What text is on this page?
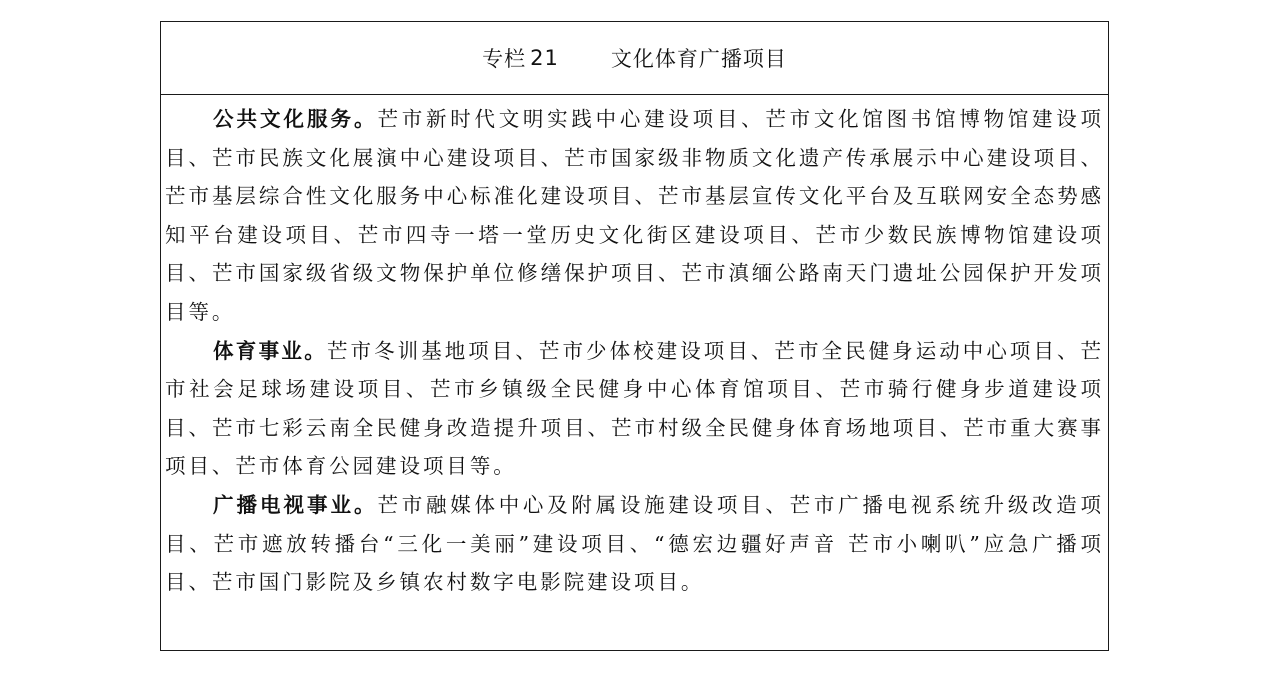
专栏 21 文化体育广播项目

公共文化服务。芒市新时代文明实践中心建设项目、芒市文化馆图书馆博物馆建设项目、芒市民族文化展演中心建设项目、芒市国家级非物质文化遗产传承展示中心建设项目、芒市基层综合性文化服务中心标准化建设项目、芒市基层宣传文化平台及互联网安全态势感知平台建设项目、芒市四寺一塔一堂历史文化街区建设项目、芒市少数民族博物馆建设项目、芒市国家级省级文物保护单位修缮保护项目、芒市滇缅公路南天门遗址公园保护开发项目等。

体育事业。芒市冬训基地项目、芒市少体校建设项目、芒市全民健身运动中心项目、芒市社会足球场建设项目、芒市乡镇级全民健身中心体育馆项目、芒市骑行健身步道建设项目、芒市七彩云南全民健身改造提升项目、芒市村级全民健身体育场地项目、芒市重大赛事项目、芒市体育公园建设项目等。

广播电视事业。芒市融媒体中心及附属设施建设项目、芒市广播电视系统升级改造项目、芒市遮放转播台“三化一美丽”建设项目、“德宏边疆好声音 芒市小喇叭”应急广播项目、芒市国门影院及乡镇农村数字电影院建设项目。
